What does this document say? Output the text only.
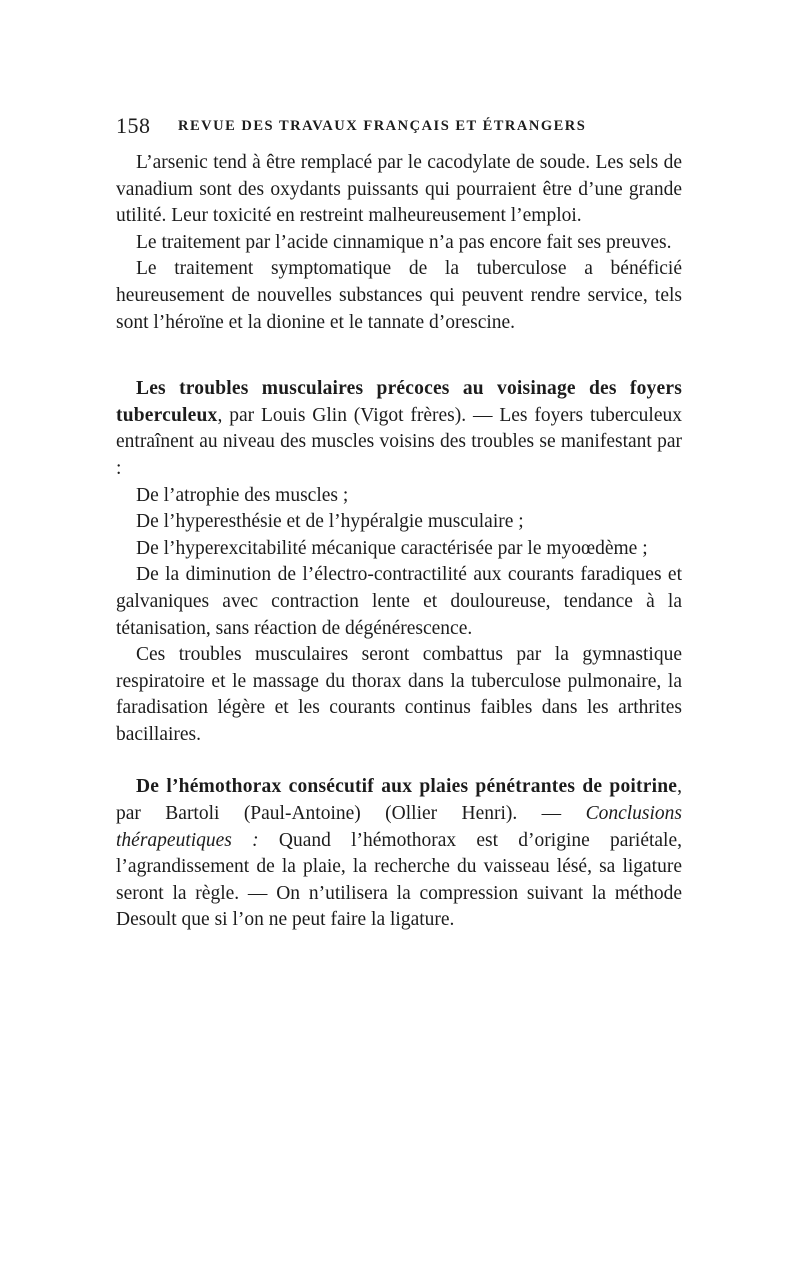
158 REVUE DES TRAVAUX FRANÇAIS ET ÉTRANGERS

L’arsenic tend à être remplacé par le cacodylate de soude. Les sels de vanadium sont des oxydants puissants qui pourraient être d’une grande utilité. Leur toxicité en restreint malheureusement l’emploi.

Le traitement par l’acide cinnamique n’a pas encore fait ses preuves.

Le traitement symptomatique de la tuberculose a bénéficié heureusement de nouvelles substances qui peuvent rendre service, tels sont l’héroïne et la dionine et le tannate d’orescine.

Les troubles musculaires précoces au voisinage des foyers tuberculeux, par Louis Glin (Vigot frères). — Les foyers tuberculeux entraînent au niveau des muscles voisins des troubles se manifestant par :

De l’atrophie des muscles ;

De l’hyperesthésie et de l’hypéralgie musculaire ;

De l’hyperexcitabilité mécanique caractérisée par le myoœdème ;

De la diminution de l’électro-contractilité aux courants faradiques et galvaniques avec contraction lente et douloureuse, tendance à la tétanisation, sans réaction de dégénérescence.

Ces troubles musculaires seront combattus par la gymnastique respiratoire et le massage du thorax dans la tuberculose pulmonaire, la faradisation légère et les courants continus faibles dans les arthrites bacillaires.

De l’hémothorax consécutif aux plaies pénétrantes de poitrine, par Bartoli (Paul-Antoine) (Ollier Henri). — Conclusions thérapeutiques : Quand l’hémothorax est d’origine pariétale, l’agrandissement de la plaie, la recherche du vaisseau lésé, sa ligature seront la règle. — On n’utilisera la compression suivant la méthode Desoult que si l’on ne peut faire la ligature.
